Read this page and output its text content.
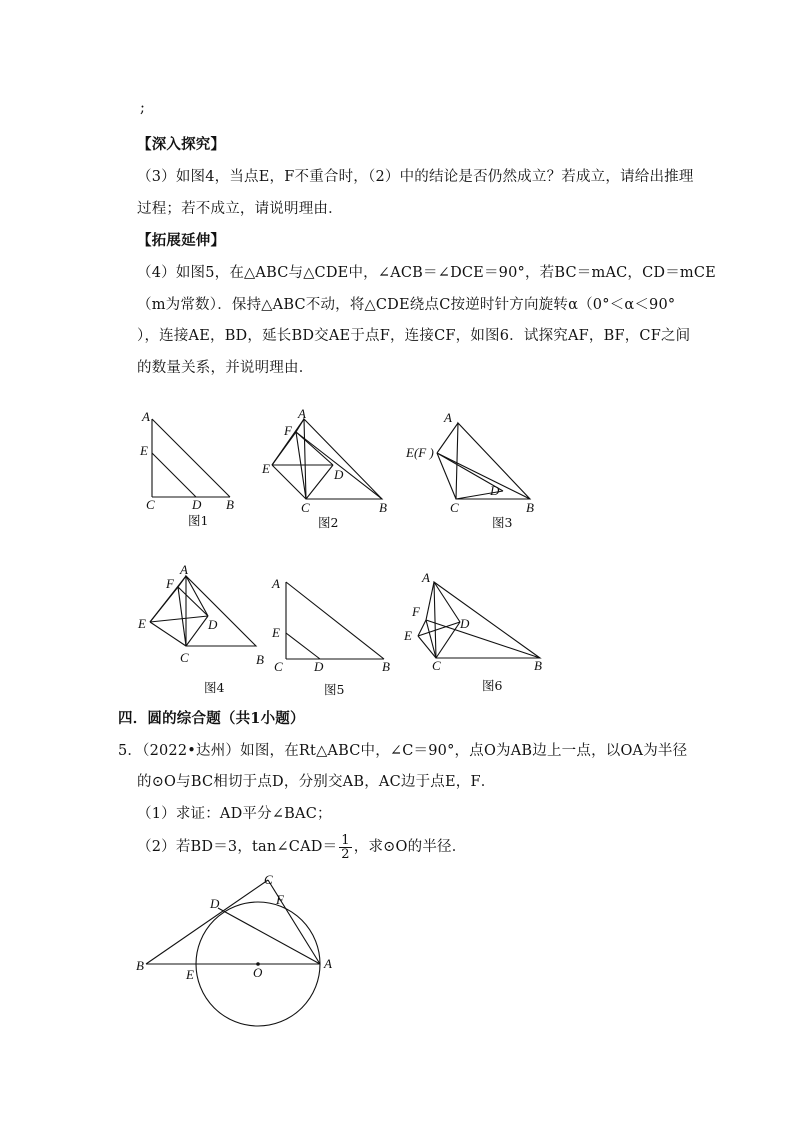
;
【深入探究】
（3）如图4，当点E，F不重合时，（2）中的结论是否仍然成立？若成立，请给出推理
过程；若不成立，请说明理由．
【拓展延伸】
（4）如图5，在△ABC与△CDE中，∠ACB＝∠DCE＝90°，若BC＝mAC，CD＝mCE
（m为常数）．保持△ABC不动，将△CDE绕点C按逆时针方向旋转α（0°＜α＜90°
），连接AE，BD，延长BD交AE于点F，连接CF，如图6．试探究AF，BF，CF之间
的数量关系，并说明理由．
A
E
C	D B
图1
A
F
E	D
C	B
图2
A
E(F )
D
C	B
图3
A
F
E	D
C	B
图4
A
E
C D	B
图5
A
F
E
D
C	B
图6
四．圆的综合题（共1小题）
5．（2022•达州）如图，在Rt△ABC中，∠C＝90°，点O为AB边上一点，以OA为半径
的⊙O与BC相切于点D，分别交AB，AC边于点E，F．
（1）求证：AD平分∠BAC；
（2）若BD＝3，tan∠CAD＝ $\frac{1}{2}$ ，求⊙O的半径．
C
F
D
B
E	O
A
